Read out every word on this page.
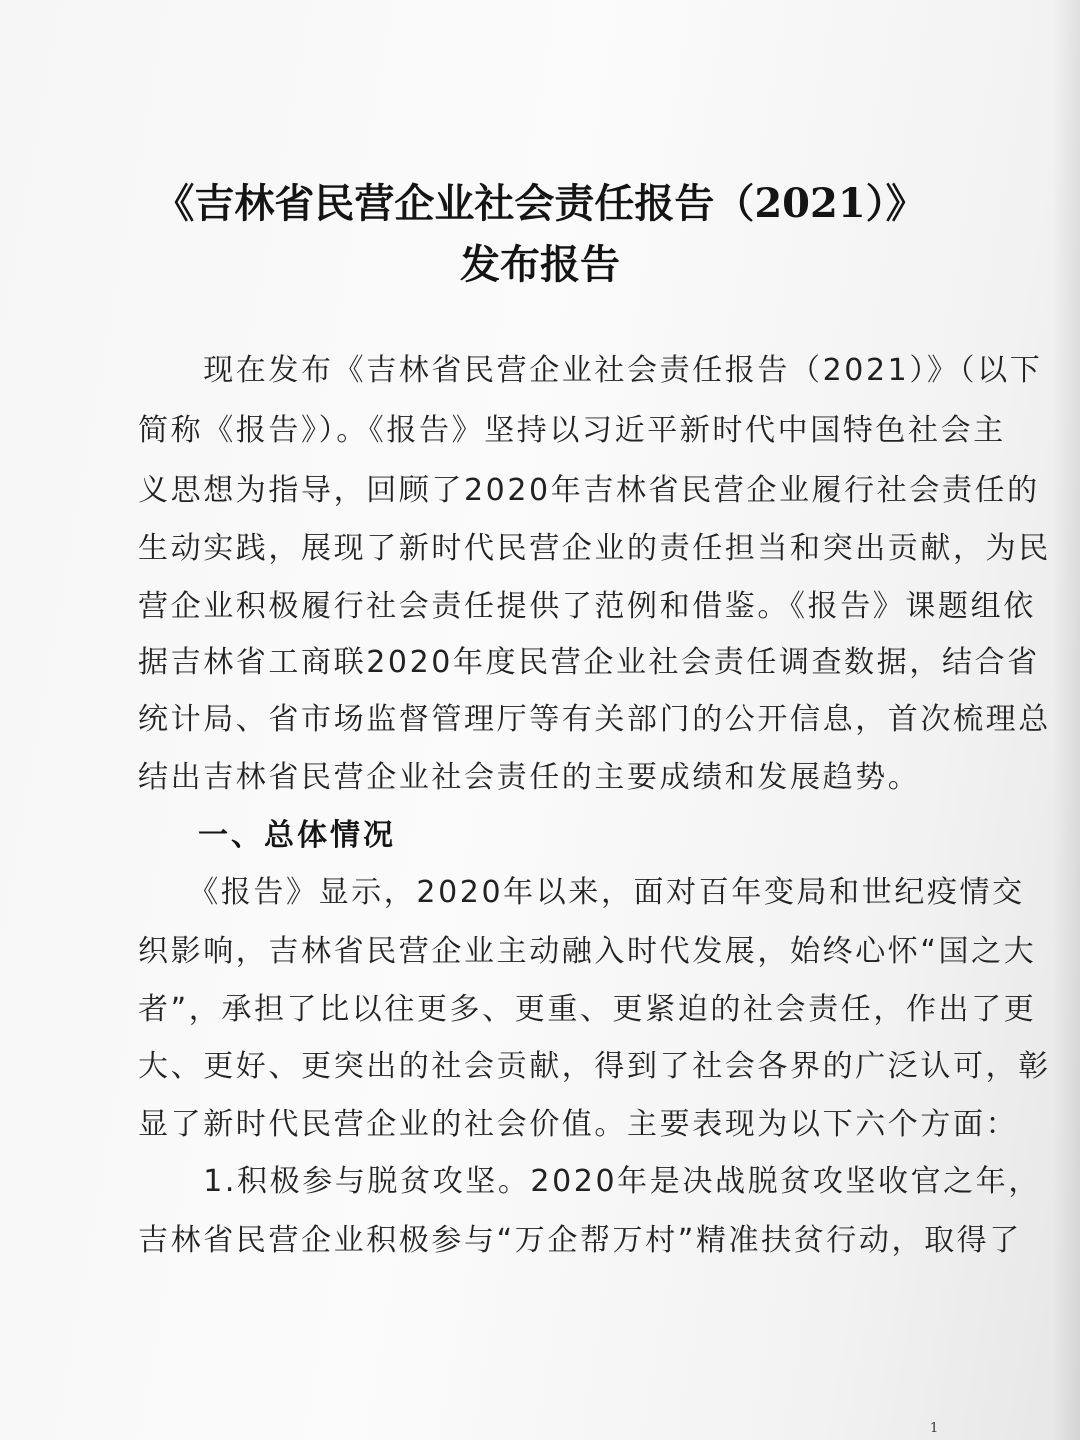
《吉林省民营企业社会责任报告（2021）》
发布报告
　　现在发布《吉林省民营企业社会责任报告（2021）》（以下
简称《报告》）。《报告》坚持以习近平新时代中国特色社会主
义思想为指导，回顾了2020年吉林省民营企业履行社会责任的
生动实践，展现了新时代民营企业的责任担当和突出贡献，为民
营企业积极履行社会责任提供了范例和借鉴。《报告》课题组依
据吉林省工商联2020年度民营企业社会责任调查数据，结合省
统计局、省市场监督管理厅等有关部门的公开信息，首次梳理总
结出吉林省民营企业社会责任的主要成绩和发展趋势。
一、总体情况
　　《报告》显示，2020年以来，面对百年变局和世纪疫情交
织影响，吉林省民营企业主动融入时代发展，始终心怀“国之大
者”，承担了比以往更多、更重、更紧迫的社会责任，作出了更
大、更好、更突出的社会贡献，得到了社会各界的广泛认可，彰
显了新时代民营企业的社会价值。主要表现为以下六个方面：
　　1.积极参与脱贫攻坚。2020年是决战脱贫攻坚收官之年，
吉林省民营企业积极参与“万企帮万村”精准扶贫行动，取得了
1
